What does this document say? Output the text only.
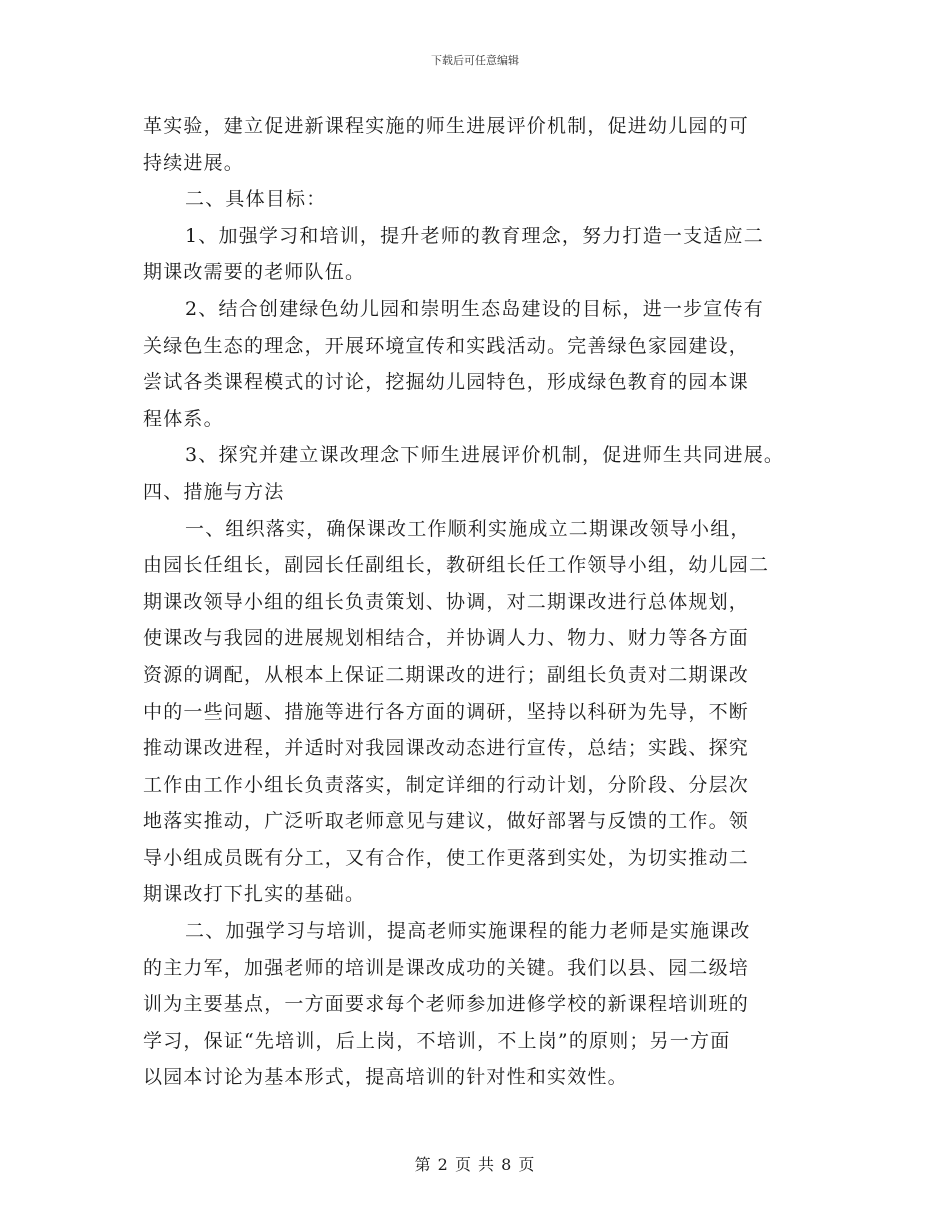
下载后可任意编辑
革实验，建立促进新课程实施的师生进展评价机制，促进幼儿园的可
持续进展。
二、具体目标：
1、加强学习和培训，提升老师的教育理念，努力打造一支适应二
期课改需要的老师队伍。
2、结合创建绿色幼儿园和崇明生态岛建设的目标，进一步宣传有
关绿色生态的理念，开展环境宣传和实践活动。完善绿色家园建设，
尝试各类课程模式的讨论，挖掘幼儿园特色，形成绿色教育的园本课
程体系。
3、探究并建立课改理念下师生进展评价机制，促进师生共同进展。
四、措施与方法
一、组织落实，确保课改工作顺利实施成立二期课改领导小组，
由园长任组长，副园长任副组长，教研组长任工作领导小组，幼儿园二
期课改领导小组的组长负责策划、协调，对二期课改进行总体规划，
使课改与我园的进展规划相结合，并协调人力、物力、财力等各方面
资源的调配，从根本上保证二期课改的进行；副组长负责对二期课改
中的一些问题、措施等进行各方面的调研，坚持以科研为先导，不断
推动课改进程，并适时对我园课改动态进行宣传，总结；实践、探究
工作由工作小组长负责落实，制定详细的行动计划，分阶段、分层次
地落实推动，广泛听取老师意见与建议，做好部署与反馈的工作。领
导小组成员既有分工，又有合作，使工作更落到实处，为切实推动二
期课改打下扎实的基础。
二、加强学习与培训，提高老师实施课程的能力老师是实施课改
的主力军，加强老师的培训是课改成功的关键。我们以县、园二级培
训为主要基点，一方面要求每个老师参加进修学校的新课程培训班的
学习，保证“先培训，后上岗，不培训，不上岗”的原则；另一方面
以园本讨论为基本形式，提高培训的针对性和实效性。
第 2 页 共 8 页
